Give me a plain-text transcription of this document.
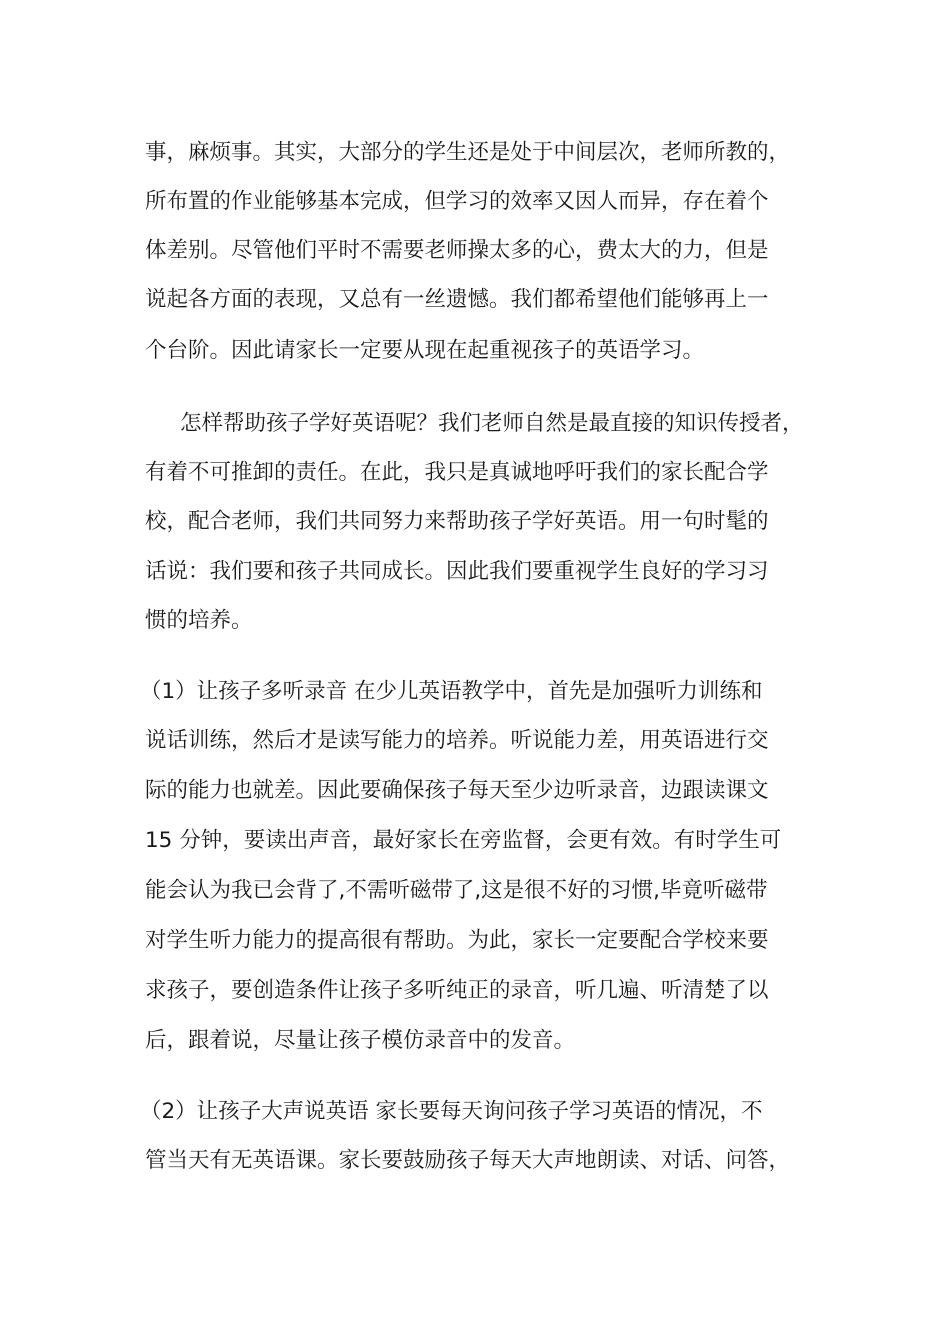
事，麻烦事。其实，大部分的学生还是处于中间层次，老师所教的，
所布置的作业能够基本完成，但学习的效率又因人而异，存在着个
体差别。尽管他们平时不需要老师操太多的心，费太大的力，但是
说起各方面的表现，又总有一丝遗憾。我们都希望他们能够再上一
个台阶。因此请家长一定要从现在起重视孩子的英语学习。
怎样帮助孩子学好英语呢？我们老师自然是最直接的知识传授者，
有着不可推卸的责任。在此，我只是真诚地呼吁我们的家长配合学
校，配合老师，我们共同努力来帮助孩子学好英语。用一句时髦的
话说：我们要和孩子共同成长。因此我们要重视学生良好的学习习
惯的培养。
（1）让孩子多听录音 在少儿英语教学中，首先是加强听力训练和
说话训练，然后才是读写能力的培养。听说能力差，用英语进行交
际的能力也就差。因此要确保孩子每天至少边听录音，边跟读课文
15 分钟，要读出声音，最好家长在旁监督，会更有效。有时学生可
能会认为我已会背了,不需听磁带了,这是很不好的习惯,毕竟听磁带
对学生听力能力的提高很有帮助。为此，家长一定要配合学校来要
求孩子，要创造条件让孩子多听纯正的录音，听几遍、听清楚了以
后，跟着说，尽量让孩子模仿录音中的发音。
（2）让孩子大声说英语 家长要每天询问孩子学习英语的情况，不
管当天有无英语课。家长要鼓励孩子每天大声地朗读、对话、问答，
